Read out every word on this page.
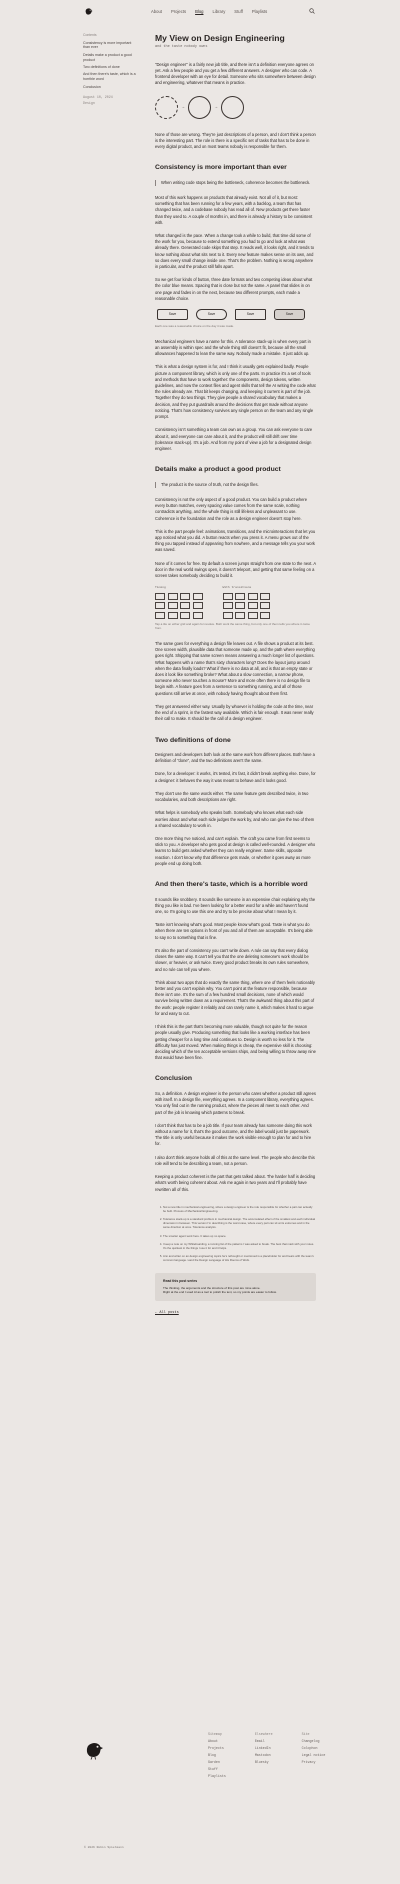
About Projects Blog Library Stuff Playlists
Contents
Consistency is more important than ever
Details make a product a good product
Two definitions of done
And then there's taste, which is a horrible word
Conclusion
August 10, 2024
Design
My View on Design Engineering
and the taste nobody owns

"Design engineer" is a fairly new job title, and there isn't a definition everyone agrees on yet. Ask a few people and you get a few different answers. A designer who can code. A frontend developer with an eye for detail. Someone who sits somewhere between design and engineering, whatever that means in practice.

→	→

None of those are wrong. They're just descriptions of a person, and I don't think a person is the interesting part. The role is there is a specific set of tasks that has to be done in every digital product, and on most teams nobody is responsible for them.

Consistency is more important than ever
When writing code stops being the bottleneck, coherence becomes the bottleneck.

Most of this work happens on products that already exist. Not all of it, but most: something that has been running for a few years, with a backlog, a team that has changed twice, and a codebase nobody has read all of. New products get there faster than they used to. A couple of months in, and there is already a history to be consistent with.

What changed is the pace. When a change took a while to build, that time did some of the work for you, because to extend something you had to go and look at what was already there. Generated code skips that step. It reads well, it looks right, and it tends to know nothing about what sits next to it. Every new feature makes sense on its own, and so does every small change inside one. That's the problem. Nothing is wrong anywhere in particular, and the product still falls apart.

So we get four kinds of button, three date formats and two competing ideas about what the color blue means. Spacing that is close but not the same. A panel that slides in on one page and fades in on the next, because two different prompts, each made a reasonable choice.

Save	Save	Save	Save
Each one was a reasonable choice on the day it was made.

Mechanical engineers have a name for this. A tolerance stack-up is when every part in an assembly is within spec and the whole thing still doesn't fit, because all the small allowances happened to lean the same way. Nobody made a mistake. It just adds up.

This is what a design system is for, and I think it usually gets explained badly. People picture a component library, which is only one of the parts. In practice it's a set of tools and methods that have to work together: the components, design tokens, written guidelines, and now the context files and agent skills that tell the AI writing the code what the rules already are. That bit keeps changing, and keeping it current is part of the job. Together they do two things. They give people a shared vocabulary that makes a decision, and they put guardrails around the decisions that get made without anyone noticing. That's how consistency survives any single person on the team and any single prompt.

Consistency isn't something a team can own as a group. You can ask everyone to care about it, and everyone can care about it, and the product will still drift over time (tolerance stack-up). It's a job. And from my point of view a job for a designated design engineer.

Details make a product a good product
The product is the source of truth, not the design files.

Consistency is not the only aspect of a good product. You can build a product where every button matches, every spacing value comes from the same scale, nothing contradicts anything, and the whole thing is still lifeless and unpleasant to use. Coherence is the foundation and the role as a design engineer doesn't stop here.

This is the part people feel: animations, transitions, and the microinteractions that let you app noticed what you did. A button reacts when you press it. A menu grows out of the thing you tapped instead of appearing from nowhere, and a message tells you your work was saved.

None of it comes for free. By default a screen jumps straight from one state to the next. A door in the real world swings open, it doesn't teleport, and getting that same feeling on a screen takes somebody deciding to build it.

Timing	With transitions
Tap a tile on either grid and again for resolve. Both work the same thing, but only one of them tells you where it came from.

The same goes for everything a design file leaves out. A file shows a product at its best. One screen width, plausible data that someone made up, and the path where everything goes right. Shipping that same screen means answering a much longer list of questions. What happens with a name that's sixty characters long? Does the layout jump around when the data finally loads? What if there is no data at all, and is that an empty state or does it look like something broke? What about a slow connection, a narrow phone, someone who never touches a mouse? More and more often there is no design file to begin with. A feature goes from a sentence to something running, and all of those questions still arrive at once, with nobody having thought about them first.

They get answered either way. Usually by whoever is holding the code at the time, near the end of a sprint, in the fastest way available. Which is fair enough. It was never really their call to make. It should be the call of a design engineer.

Two definitions of done

Designers and developers both look at the same work from different places. Both have a definition of "done", and the two definitions aren't the same.

Done, for a developer: it works, it's tested, it's fast, it didn't break anything else. Done, for a designer: it behaves the way it was meant to behave and it looks good.

They don't use the same words either. The same feature gets described twice, in two vocabularies, and both descriptions are right.

What helps is somebody who speaks both. Somebody who knows what each side worries about and what each side judges the work by, and who can give the two of them a shared vocabulary to work in.

One more thing I've noticed, and can't explain. The craft you came from first seems to stick to you. A developer who gets good at design is called well-rounded. A designer who learns to build gets asked whether they can really engineer. Same skills, opposite reaction. I don't know why that difference gets made, or whether it goes away as more people end up doing both.

And then there's taste, which is a horrible word

It sounds like snobbery. It sounds like someone in an expensive chair explaining why the thing you like is bad. I've been looking for a better word for a while and haven't found one, so I'm going to use this one and try to be precise about what I mean by it.

Taste isn't knowing what's good. Most people know what's good. Taste is what you do when there are ten options in front of you and all of them are acceptable. It's being able to say no to something that is fine.

It's also the part of consistency you can't write down. A rule can say that every dialog closes the same way. It can't tell you that the one deleting someone's work should be slower, or heavier, or ask twice. Every good product breaks its own rules somewhere, and no rule can tell you where.

Think about two apps that do exactly the same thing, where one of them feels noticeably better and you can't explain why. You can't point at the feature responsible, because there isn't one. It's the sum of a few hundred small decisions, none of which would survive being written down as a requirement. That's the awkward thing about this part of the work: people register it reliably and can rarely name it, which makes it hard to argue for and easy to cut.

I think this is the part that's becoming more valuable, though not quite for the reason people usually give. Producing something that looks like a working interface has been getting cheaper for a long time and continues to. Design is worth no less for it. The difficulty has just moved. When making things is cheap, the expensive skill is choosing: deciding which of the ten acceptable versions ships, and being willing to throw away nine that would have been fine.

Conclusion

So, a definition. A design engineer is the person who cares whether a product still agrees with itself. In a design file, everything agrees. In a component library, everything agrees. You only find out in the running product, where the pieces all meet to each other. And part of the job is knowing which patterns to break.

I don't think that has to be a job title. If your team already has someone doing this work without a name for it, that's the good outcome, and the label would just be paperwork. The title is only useful because it makes the work visible enough to plan for and to hire for.

I also don't think anyone holds all of this at the same level. The people who describe this role will tend to be describing a team, not a person.

Keeping a product coherent is the part that gets talked about. The harder half is deciding what's worth being coherent about. Ask me again in two years and I'll probably have rewritten all of this.

1. Not a new title in mechanical engineering, where a design engineer is the role responsible for whether a part can actually be built. Process of Mechanical Engineering.
2. Tolerance stack-up is a standard problem in mechanical design. The accumulated effect of the smallest and each individual dimension in between. This version I'm describing is the worst case, where every part can sit at its extremes and in the same direction at once. Tolerance analysis.
3. The smarter agent work here. It takes up no space.
4. I keep a note on my Whiteboarding, a running list of the patterns I was asked to break. The best that mark with your notes. It's the quickest in the things I use it for and it helps.
5. Ann and writer on an design engineering topics he's rethought or mentioned is a placeholder for and bears with the team's common language. Land the Design Language of His Rooms of Work.
Read this post series
The thinking, the arguments and the structure of this post are mine alone.
Right at the end I used AI as a tool to polish the text, so my points are easier to follow.
← All posts
Sitemap
About
Projects
Blog
Garden
Stuff
Playlists
Elsewhere
Email
LinkedIn
Mastodon
Bluesky
Site
Changelog
Colophon
Legal notice
Privacy
© 2026 Robin Spielmann
